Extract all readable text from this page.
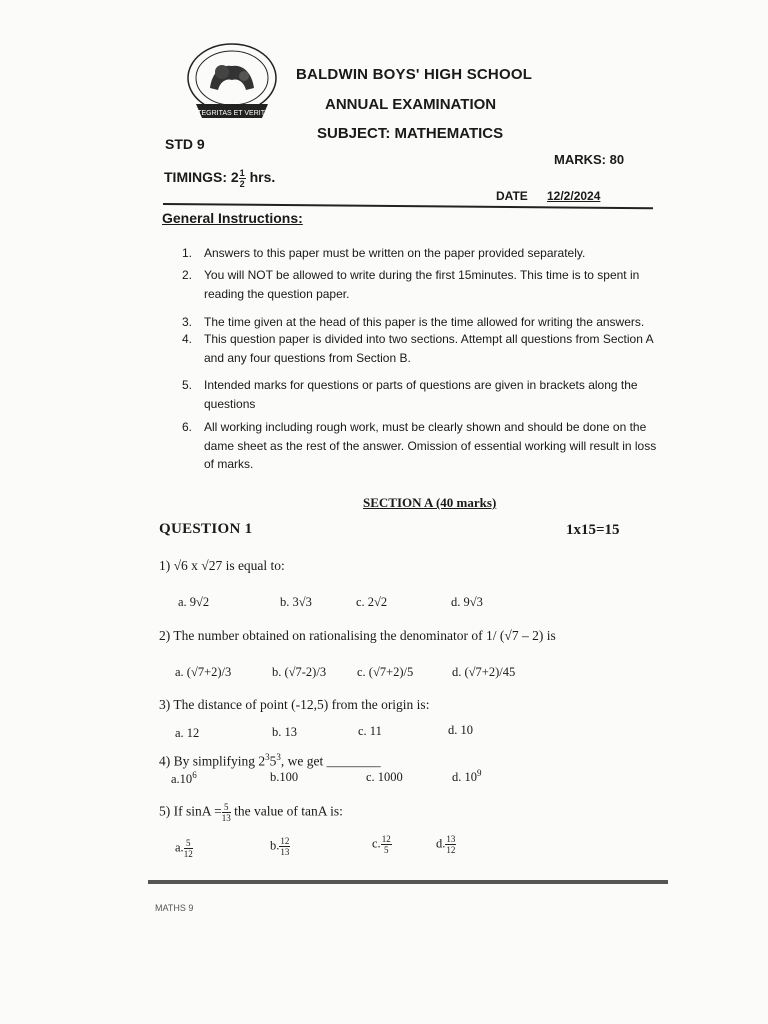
INTEGRITAS ET VERITAS
BALDWIN BOYS' HIGH SCHOOL
ANNUAL EXAMINATION
SUBJECT: MATHEMATICS
STD 9
MARKS: 80
TIMINGS: $2 \frac{1}{2}$ hrs.
DATE 12/2/2024
General Instructions:
1. Answers to this paper must be written on the paper provided separately.
2. You will NOT be allowed to write during the first 15minutes. This time is to spent in
reading the question paper.
3. The time given at the head of this paper is the time allowed for writing the answers.
4. This question paper is divided into two sections. Attempt all questions from Section A
and any four questions from Section B.
5. Intended marks for questions or parts of questions are given in brackets along the
questions
6. All working including rough work, must be clearly shown and should be done on the
dame sheet as the rest of the answer. Omission of essential working will result in loss
of marks.
SECTION A (40 marks)
QUESTION 1	1x15=15
1) √6 x √27 is equal to:
a. 9√2	b. 3√3	c. 2√2	d. 9√3
2) The number obtained on rationalising the denominator of 1/ (√7 – 2) is
a. (√7+2)/3	b. (√7-2)/3 c. (√7+2)/5	d. (√7+2)/45
3) The distance of point (-12,5) from the origin is:
a. 12	b. 13	c. 11	d. 10
4) By simplifying $2^35^3$, we get ________
$a.10^6$	b.100	c. 1000	d. $10^9$
5) If $\sin A = \frac{5}{13}$ the value of tanA is:
a. $\frac{5}{12}$	b. $\frac{12}{13}$	c. $\frac{12}{5}$	d. $\frac{13}{12}$
MATHS 9
